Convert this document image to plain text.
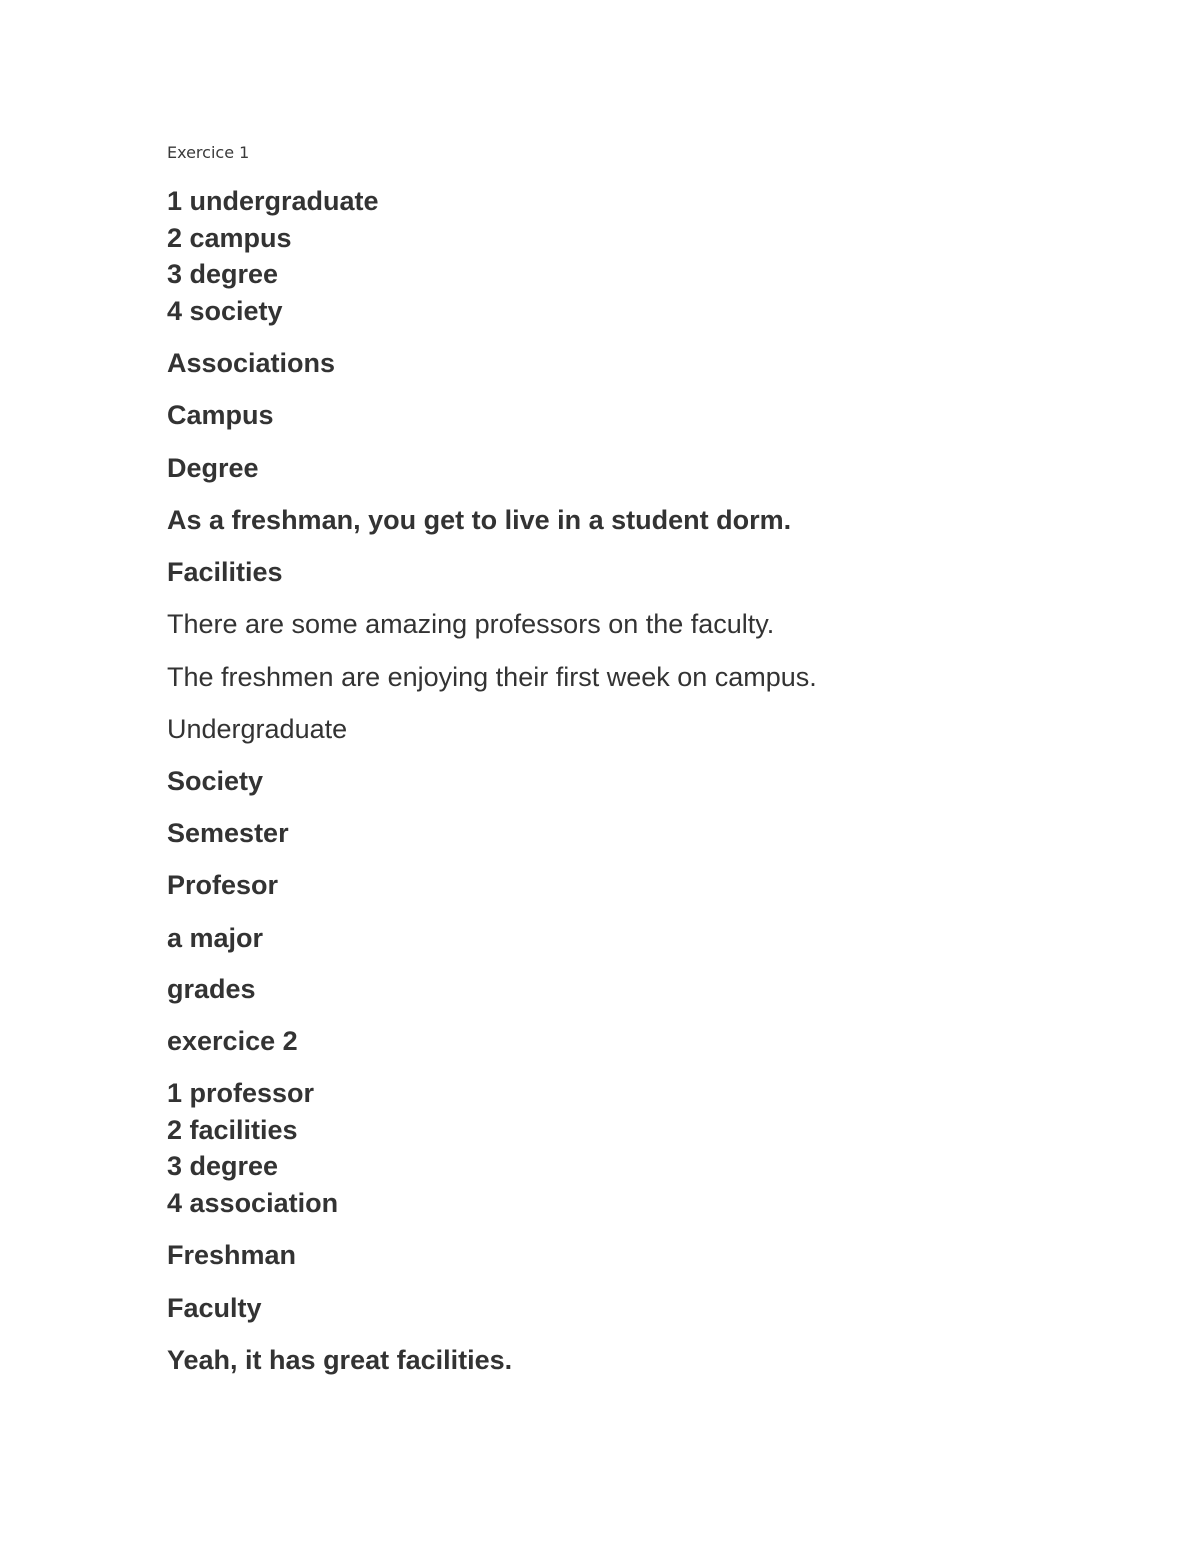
Exercice 1
1 undergraduate
2 campus
3 degree
4 society
Associations
Campus
Degree
As a freshman, you get to live in a student dorm.
Facilities
There are some amazing professors on the faculty.
The freshmen are enjoying their first week on campus.
Undergraduate
Society
Semester
Profesor
a major
grades
exercice 2
1 professor
2 facilities
3 degree
4 association
Freshman
Faculty
Yeah, it has great facilities.
